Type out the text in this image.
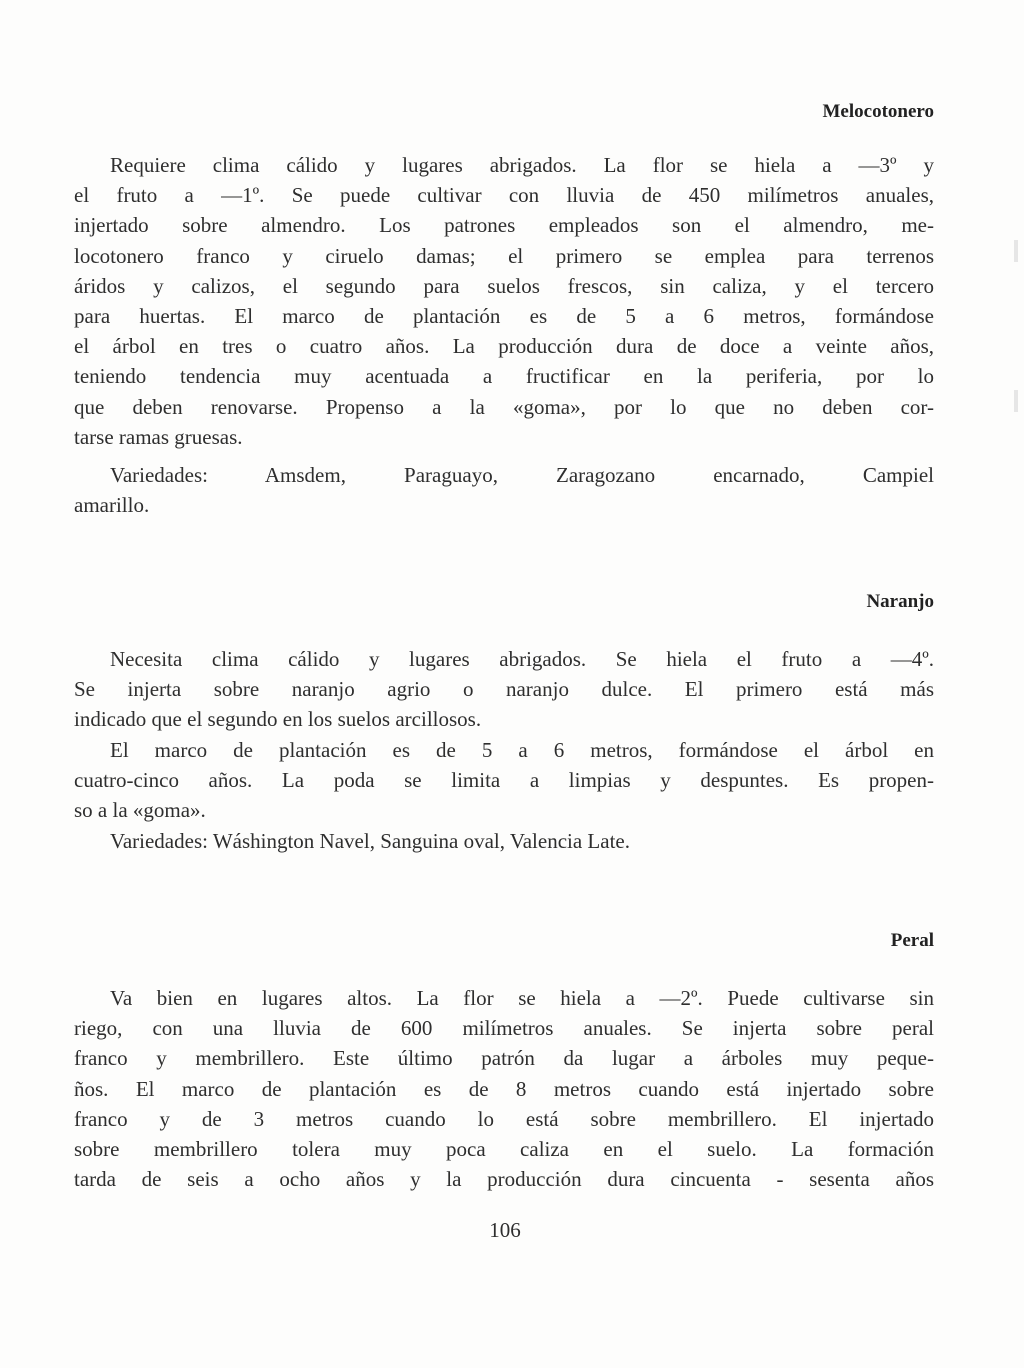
Melocotonero
Requiere clima cálido y lugares abrigados. La flor se hiela a —3º y
el fruto a —1º. Se puede cultivar con lluvia de 450 milímetros anuales,
injertado sobre almendro. Los patrones empleados son el almendro, me-
locotonero franco y ciruelo damas; el primero se emplea para terrenos
áridos y calizos, el segundo para suelos frescos, sin caliza, y el tercero
para huertas. El marco de plantación es de 5 a 6 metros, formándose
el árbol en tres o cuatro años. La producción dura de doce a veinte años,
teniendo tendencia muy acentuada a fructificar en la periferia, por lo
que deben renovarse. Propenso a la «goma», por lo que no deben cor-
tarse ramas gruesas.
Variedades: Amsdem, Paraguayo, Zaragozano encarnado, Campiel
amarillo.
Naranjo
Necesita clima cálido y lugares abrigados. Se hiela el fruto a —4º.
Se injerta sobre naranjo agrio o naranjo dulce. El primero está más
indicado que el segundo en los suelos arcillosos.
El marco de plantación es de 5 a 6 metros, formándose el árbol en
cuatro-cinco años. La poda se limita a limpias y despuntes. Es propen-
so a la «goma».
Variedades: Wáshington Navel, Sanguina oval, Valencia Late.
Peral
Va bien en lugares altos. La flor se hiela a —2º. Puede cultivarse sin
riego, con una lluvia de 600 milímetros anuales. Se injerta sobre peral
franco y membrillero. Este último patrón da lugar a árboles muy peque-
ños. El marco de plantación es de 8 metros cuando está injertado sobre
franco y de 3 metros cuando lo está sobre membrillero. El injertado
sobre membrillero tolera muy poca caliza en el suelo. La formación
tarda de seis a ocho años y la producción dura cincuenta - sesenta años
106
